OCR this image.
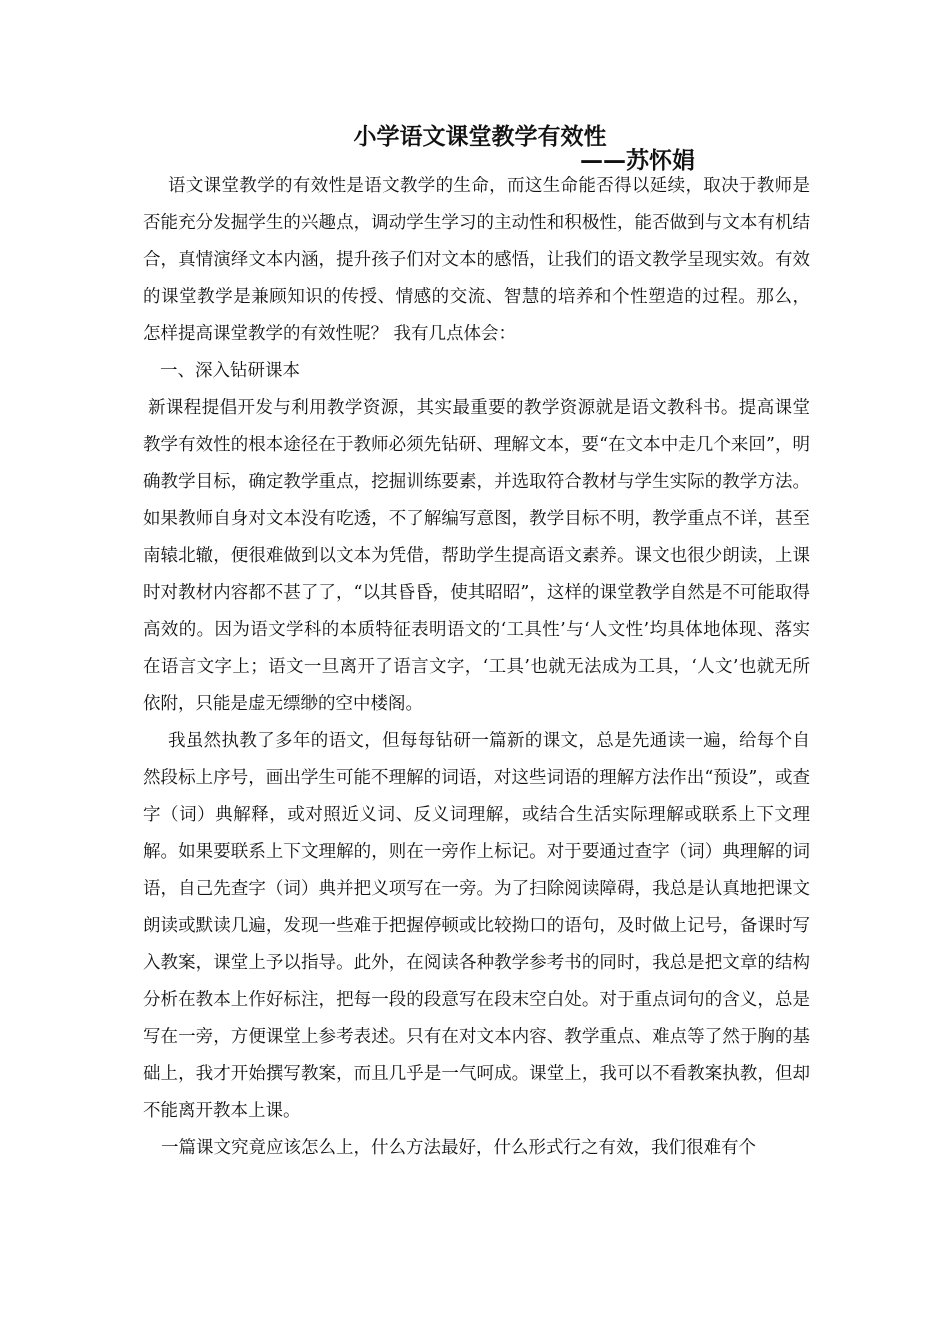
小学语文课堂教学有效性
——苏怀娟

语文课堂教学的有效性是语文教学的生命，而这生命能否得以延续，取决于教师是否能充分发掘学生的兴趣点，调动学生学习的主动性和积极性，能否做到与文本有机结合，真情演绎文本内涵，提升孩子们对文本的感悟，让我们的语文教学呈现实效。有效的课堂教学是兼顾知识的传授、情感的交流、智慧的培养和个性塑造的过程。那么， 怎样提高课堂教学的有效性呢？ 我有几点体会：

一、深入钻研课本

新课程提倡开发与利用教学资源，其实最重要的教学资源就是语文教科书。提高课堂教学有效性的根本途径在于教师必须先钻研、理解文本，要“在文本中走几个来回”，明确教学目标，确定教学重点，挖掘训练要素，并选取符合教材与学生实际的教学方法。如果教师自身对文本没有吃透，不了解编写意图，教学目标不明，教学重点不详，甚至南辕北辙，便很难做到以文本为凭借，帮助学生提高语文素养。课文也很少朗读，上课时对教材内容都不甚了了，“以其昏昏，使其昭昭”，这样的课堂教学自然是不可能取得高效的。因为语文学科的本质特征表明语文的‘工具性’与‘人文性’均具体地体现、落实在语言文字上；语文一旦离开了语言文字，‘工具’也就无法成为工具，‘人文’也就无所依附，只能是虚无缥缈的空中楼阁。

我虽然执教了多年的语文，但每每钻研一篇新的课文，总是先通读一遍，给每个自然段标上序号，画出学生可能不理解的词语，对这些词语的理解方法作出“预设”，或查字（词）典解释，或对照近义词、反义词理解，或结合生活实际理解或联系上下文理解。如果要联系上下文理解的，则在一旁作上标记。对于要通过查字（词）典理解的词语，自己先查字（词）典并把义项写在一旁。为了扫除阅读障碍，我总是认真地把课文朗读或默读几遍，发现一些难于把握停顿或比较拗口的语句，及时做上记号，备课时写入教案，课堂上予以指导。此外，在阅读各种教学参考书的同时，我总是把文章的结构分析在教本上作好标注，把每一段的段意写在段末空白处。对于重点词句的含义，总是写在一旁，方便课堂上参考表述。只有在对文本内容、教学重点、难点等了然于胸的基础上，我才开始撰写教案，而且几乎是一气呵成。课堂上，我可以不看教案执教，但却不能离开教本上课。

一篇课文究竟应该怎么上，什么方法最好，什么形式行之有效，我们很难有个
